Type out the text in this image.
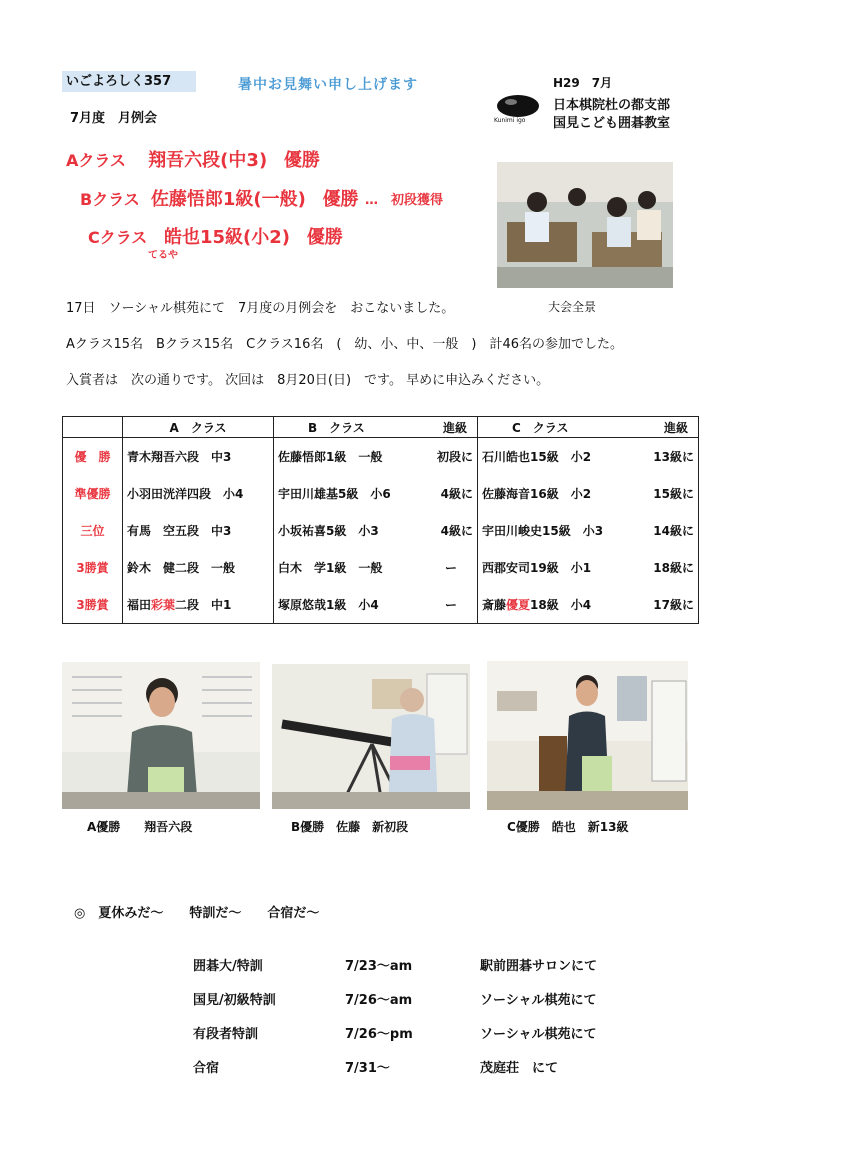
いごよろしく357	暑中お見舞い申し上げます	H29　7月
Kunimi igo
日本棋院杜の都支部
国見こども囲碁教室
7月度　月例会
Aクラス 翔吾六段(中3) 優勝
Bクラス 佐藤悟郎1級(一般) 優勝 …　初段獲得
Cクラス 皓也15級(小2) 優勝
てるや
大会全景
17日　ソーシャル棋苑にて　7月度の月例会を　おこないました。
Aクラス15名　Bクラス15名　Cクラス16名　(　幼、小、中、一般　)　計46名の参加でした。
入賞者は　次の通りです。 次回は　8月20日(日)　です。 早めに申込みください。
	A　クラス	B　クラス 進級	C　クラス 進級

優　勝	青木翔吾六段　中3	佐藤悟郎1級　一般 初段に	石川皓也15級　小2 13級に

準優勝	小羽田洸洋四段　小4	宇田川雄基5級　小6 4級に	佐藤海音16級　小2 15級に

三位	有馬　空五段　中3	小坂祐喜5級　小3 4級に	宇田川峻史15級　小3 14級に

3勝賞	鈴木　健二段　一般	白木　学1級　一般 ー	西郡安司19級　小1 18級に

3勝賞	福田彩葉二段　中1	塚原悠哉1級　小4 ー	斎藤優夏18級　小4 17級に
A優勝　　翔吾六段	B優勝　佐藤　新初段	C優勝　皓也　新13級
◎　夏休みだ～　　特訓だ～　　合宿だ～
囲碁大/特訓	7/23～am	駅前囲碁サロンにて
国見/初級特訓	7/26～am	ソーシャル棋苑にて
有段者特訓	7/26～pm	ソーシャル棋苑にて
合宿	7/31～	茂庭荘　にて
